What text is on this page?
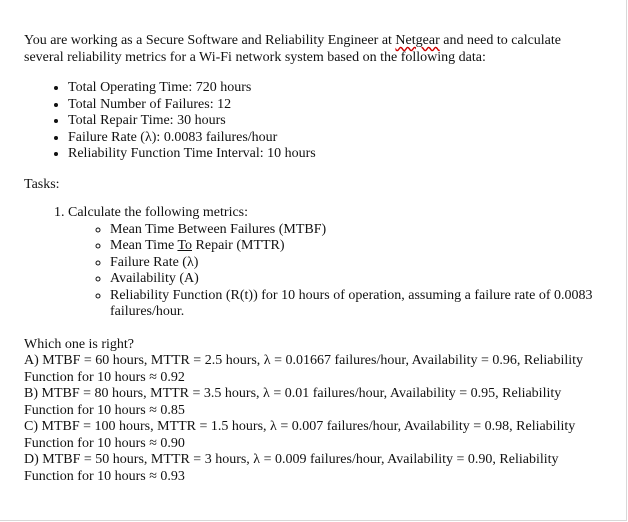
You are working as a Secure Software and Reliability Engineer at Netgear and need to calculate several reliability metrics for a Wi-Fi network system based on the following data:

• Total Operating Time: 720 hours
• Total Number of Failures: 12
• Total Repair Time: 30 hours
• Failure Rate (λ): 0.0083 failures/hour
• Reliability Function Time Interval: 10 hours

Tasks:

1. Calculate the following metrics:
◦ Mean Time Between Failures (MTBF)
◦ Mean Time To Repair (MTTR)
◦ Failure Rate (λ)
◦ Availability (A)
◦ Reliability Function (R(t)) for 10 hours of operation, assuming a failure rate of 0.0083 failures/hour.

Which one is right?

A) MTBF = 60 hours, MTTR = 2.5 hours, λ = 0.01667 failures/hour, Availability = 0.96, Reliability Function for 10 hours ≈ 0.92

B) MTBF = 80 hours, MTTR = 3.5 hours, λ = 0.01 failures/hour, Availability = 0.95, Reliability Function for 10 hours ≈ 0.85

C) MTBF = 100 hours, MTTR = 1.5 hours, λ = 0.007 failures/hour, Availability = 0.98, Reliability Function for 10 hours ≈ 0.90

D) MTBF = 50 hours, MTTR = 3 hours, λ = 0.009 failures/hour, Availability = 0.90, Reliability Function for 10 hours ≈ 0.93
